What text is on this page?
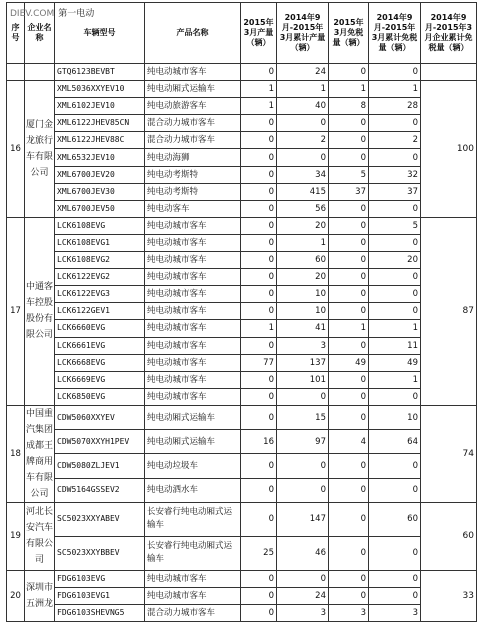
DIEV.COM 第一电动
序号	企业名称	车辆型号	产品名称	2015年3月产量（辆）	2014年9月-2015年3月累计产量（辆）	2015年3月免税量（辆）	2014年9月-2015年3月累计免税量（辆）	2014年9月-2015年3月企业累计免税量（辆）
		GTQ6123BEVBT	纯电动城市客车	0	24	0	0	
16	厦门金龙旅行车有限公司	XML5036XXYEV10	纯电动厢式运输车	1	1	1	1	100
		XML6102JEV10	纯电动旅游客车	1	40	8	28	
		XML6122JHEV85CN	混合动力城市客车	0	0	0	0	
		XML6122JHEV88C	混合动力城市客车	0	2	0	2	
		XML6532JEV10	纯电动海狮	0	0	0	0	
		XML6700JEV20	纯电动考斯特	0	34	5	32	
		XML6700JEV30	纯电动考斯特	0	415	37	37	
		XML6700JEV50	纯电动客车	0	56	0	0	
17	中通客车控股股份有限公司	LCK6108EVG	纯电动城市客车	0	20	0	5	87
		LCK6108EVG1	纯电动城市客车	0	1	0	0	
		LCK6108EVG2	纯电动城市客车	0	60	0	20	
		LCK6122EVG2	纯电动城市客车	0	20	0	0	
		LCK6122EVG3	纯电动城市客车	0	10	0	0	
		LCK6122GEV1	纯电动城市客车	0	10	0	0	
		LCK6660EVG	纯电动城市客车	1	41	1	1	
		LCK6661EVG	纯电动城市客车	0	3	0	11	
		LCK6668EVG	纯电动城市客车	77	137	49	49	
		LCK6669EVG	纯电动城市客车	0	101	0	1	
		LCK6850EVG	纯电动城市客车	0	0	0	0	
18	中国重汽集团成都王牌商用车有限公司	CDW5060XXYEV	纯电动厢式运输车	0	15	0	10	74
		CDW5070XXYH1PEV	纯电动厢式运输车	16	97	4	64	
		CDW5080ZLJEV1	纯电动垃圾车	0	0	0	0	
		CDW5164GSSEV2	纯电动洒水车	0	0	0	0	
19	河北长安汽车有限公司	SC5023XXYABEV	长安睿行纯电动厢式运输车	0	147	0	60	60
		SC5023XXYBBEV	长安睿行纯电动厢式运输车	25	46	0	0	
20	深圳市五洲龙	FDG6103EVG	纯电动城市客车	0	0	0	0	33
		FDG6103EVG1	纯电动城市客车	0	24	0	0	
		FDG6103SHEVNG5	混合动力城市客车	0	3	3	3	
